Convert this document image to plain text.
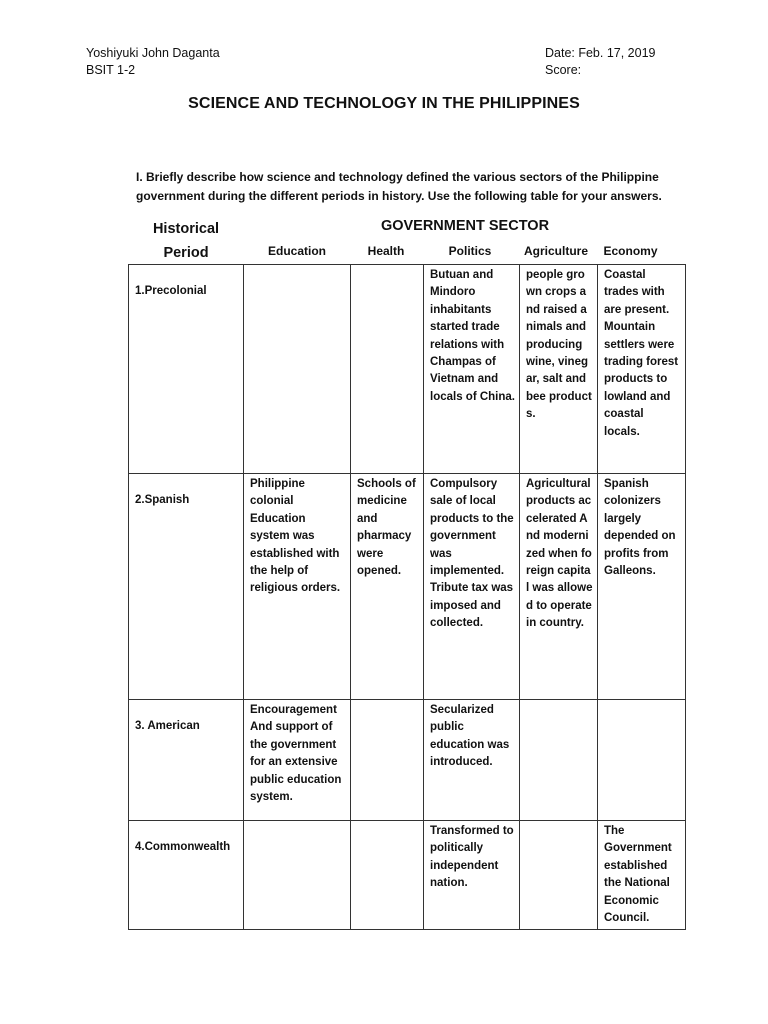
Yoshiyuki John Daganta
BSIT 1-2
Date: Feb. 17, 2019
Score:
SCIENCE AND TECHNOLOGY IN THE PHILIPPINES
I. Briefly describe how science and technology defined the various sectors of the Philippine government during the different periods in history. Use the following table for your answers.
Historical
Period
GOVERNMENT SECTOR
Education	Health	Politics	Agriculture	Economy
1.Precolonial			Butuan and Mindoro inhabitants started trade relations with Champas of Vietnam and locals of China.	people grown crops and raised animals and producing wine, vinegar, salt and bee products.	Coastal trades with are present. Mountain settlers were trading forest products to lowland and coastal locals.
2.Spanish	Philippine colonial Education system was established with the help of religious orders.	Schools of medicine and pharmacy were opened.	Compulsory sale of local products to the government was implemented. Tribute tax was imposed and collected.	Agricultural products accelerated And modernized when foreign capital was allowed to operate in country.	Spanish colonizers largely depended on profits from Galleons.
3. American	Encouragement And support of the government for an extensive public education system.		Secularized public education was introduced.		
4.Commonwealth			Transformed to politically independent nation.		The Government established the National Economic Council.
